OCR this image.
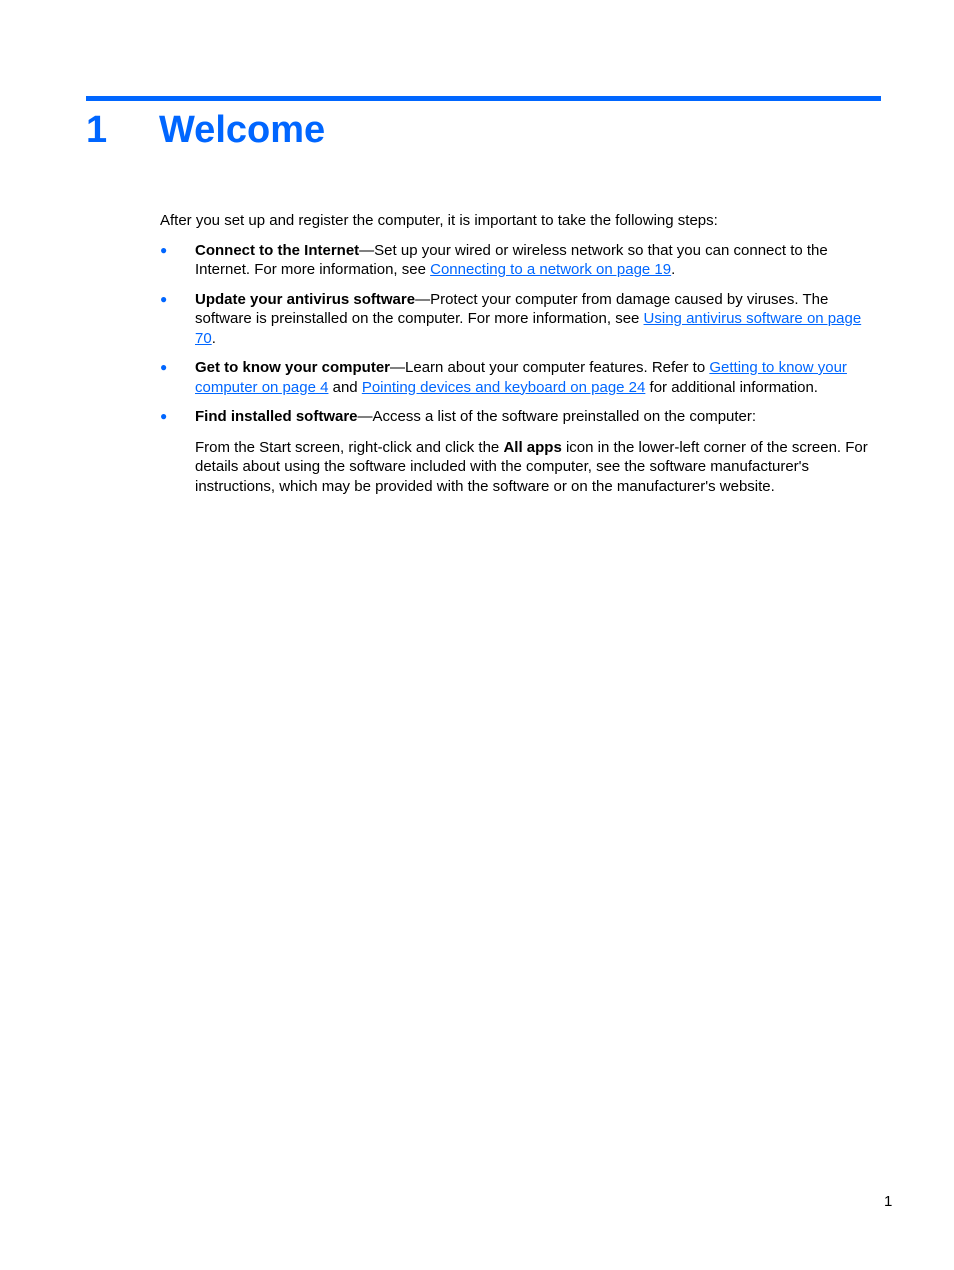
1 Welcome

After you set up and register the computer, it is important to take the following steps:

● Connect to the Internet—Set up your wired or wireless network so that you can connect to the Internet. For more information, see Connecting to a network on page 19.
● Update your antivirus software—Protect your computer from damage caused by viruses. The software is preinstalled on the computer. For more information, see Using antivirus software on page 70.
● Get to know your computer—Learn about your computer features. Refer to Getting to know your computer on page 4 and Pointing devices and keyboard on page 24 for additional information.
● Find installed software—Access a list of the software preinstalled on the computer:

From the Start screen, right-click and click the All apps icon in the lower-left corner of the screen. For details about using the software included with the computer, see the software manufacturer's instructions, which may be provided with the software or on the manufacturer's website.

1
